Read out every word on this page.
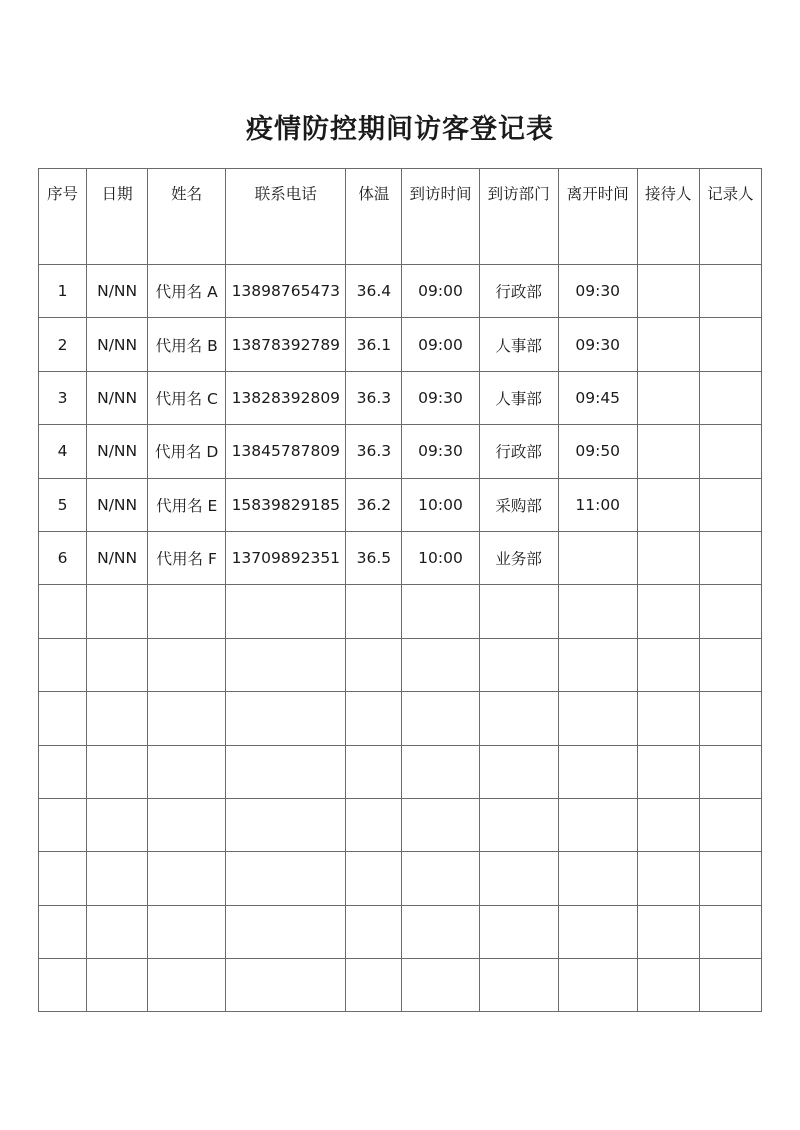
疫情防控期间访客登记表
序号	日期	姓名	联系电话	体温	到访时间	到访部门	离开时间	接待人	记录人
1	N/NN	代用名 A	13898765473	36.4	09:00	行政部	09:30		
2	N/NN	代用名 B	13878392789	36.1	09:00	人事部	09:30		
3	N/NN	代用名 C	13828392809	36.3	09:30	人事部	09:45		
4	N/NN	代用名 D	13845787809	36.3	09:30	行政部	09:50		
5	N/NN	代用名 E	15839829185	36.2	10:00	采购部	11:00		
6	N/NN	代用名 F	13709892351	36.5	10:00	业务部			
